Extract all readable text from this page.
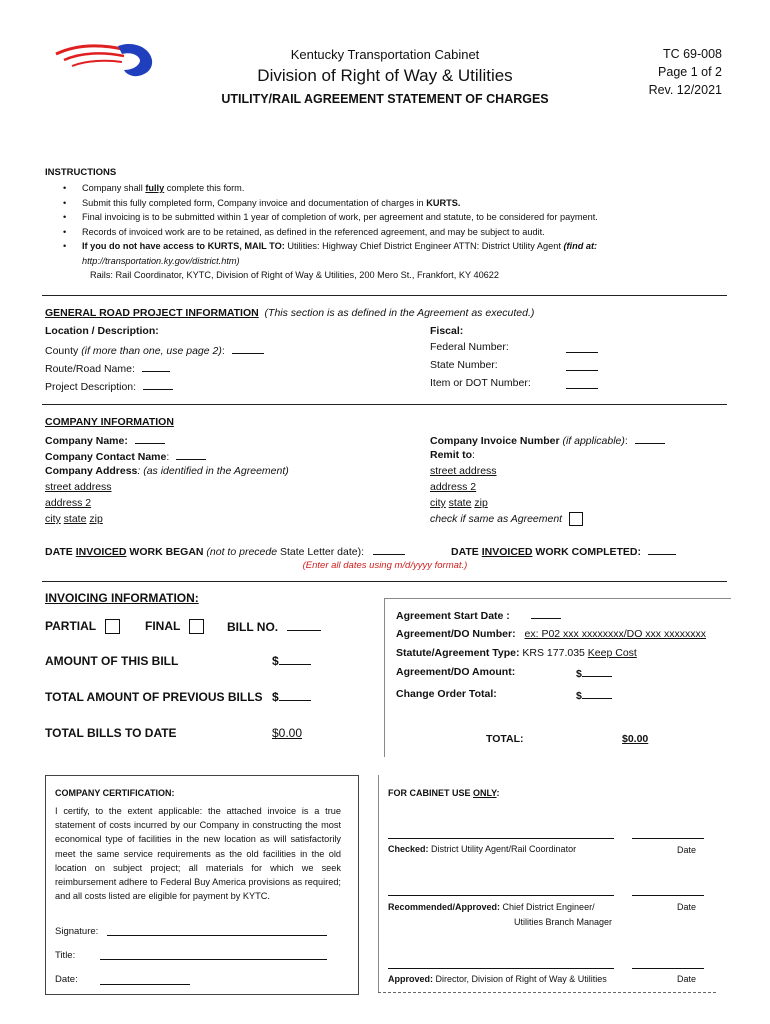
Kentucky Transportation Cabinet
Division of Right of Way & Utilities
UTILITY/RAIL AGREEMENT STATEMENT OF CHARGES
TC 69-008
Page 1 of 2
Rev. 12/2021
INSTRUCTIONS
• Company shall fully complete this form.
• Submit this fully completed form, Company invoice and documentation of charges in KURTS.
• Final invoicing is to be submitted within 1 year of completion of work, per agreement and statute, to be considered for payment.
• Records of invoiced work are to be retained, as defined in the referenced agreement, and may be subject to audit.
• If you do not have access to KURTS, MAIL TO: Utilities: Highway Chief District Engineer ATTN: District Utility Agent (find at:
http://transportation.ky.gov/district.htm)
Rails: Rail Coordinator, KYTC, Division of Right of Way & Utilities, 200 Mero St., Frankfort, KY 40622
GENERAL ROAD PROJECT INFORMATION (This section is as defined in the Agreement as executed.)
Location / Description:
County (if more than one, use page 2):
Route/Road Name:
Project Description:
Fiscal:
Federal Number:
State Number:
Item or DOT Number:
COMPANY INFORMATION
Company Name:
Company Contact Name:
Company Address: (as identified in the Agreement)
street address
address 2
city state zip
Company Invoice Number (if applicable):
Remit to:
street address
address 2
city state zip
check if same as Agreement
DATE INVOICED WORK BEGAN (not to precede State Letter date):	DATE INVOICED WORK COMPLETED:
(Enter all dates using m/d/yyyy format.)
INVOICING INFORMATION:
PARTIAL	FINAL	BILL NO.
AMOUNT OF THIS BILL	$
TOTAL AMOUNT OF PREVIOUS BILLS $
TOTAL BILLS TO DATE	$0.00
Agreement Start Date :
Agreement/DO Number: ex: P02 xxx xxxxxxxx/DO xxx xxxxxxxx
Statute/Agreement Type: KRS 177.035 Keep Cost
Agreement/DO Amount:	$
Change Order Total:	$
TOTAL:	$0.00
COMPANY CERTIFICATION:
I certify, to the extent applicable: the attached invoice is a true statement of costs incurred by our Company in constructing the most economical type of facilities in the new location as will satisfactorily meet the same service requirements as the old facilities in the old location on subject project; all materials for which we seek reimbursement adhere to Federal Buy America provisions as required; and all costs listed are eligible for payment by KYTC.
Signature:
Title:
Date:
FOR CABINET USE ONLY:
Checked: District Utility Agent/Rail Coordinator	Date
Recommended/Approved: Chief District Engineer/
Utilities Branch Manager
Date
Approved: Director, Division of Right of Way & Utilities	Date
